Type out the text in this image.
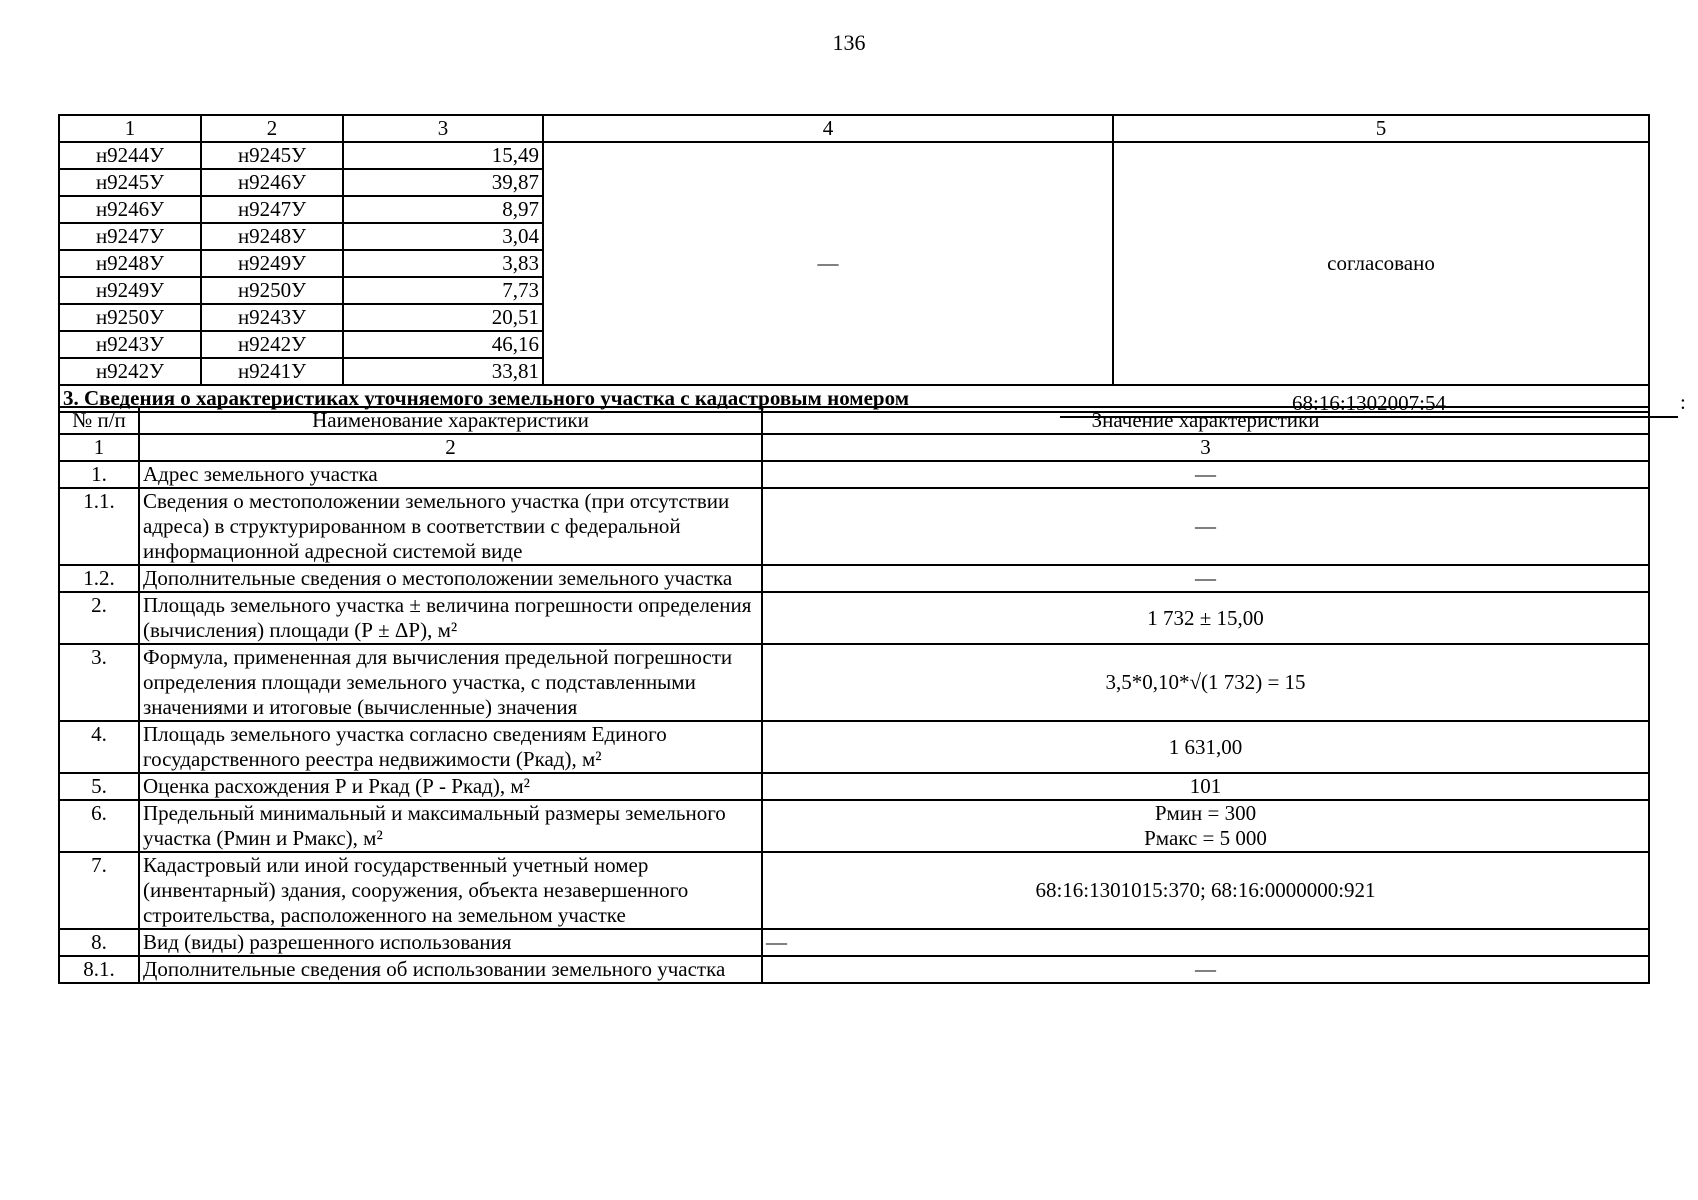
136
1	2	3	4	5
н9244У	н9245У	15,49	—	согласовано
н9245У	н9246У	39,87		
н9246У	н9247У	8,97		
н9247У	н9248У	3,04		
н9248У	н9249У	3,83		
н9249У	н9250У	7,73		
н9250У	н9243У	20,51		
н9243У	н9242У	46,16		
н9242У	н9241У	33,81		
3. Сведения о характеристиках уточняемого земельного участка с кадастровым номером 68:16:1302007:54 :				
№ п/п	Наименование характеристики	Значение характеристики
1	2	3
1.	Адрес земельного участка	—
1.1.	Сведения о местоположении земельного участка (при отсутствии адреса) в структурированном в соответствии с федеральной информационной адресной системой виде	—
1.2.	Дополнительные сведения о местоположении земельного участка	—
2.	Площадь земельного участка ± величина погрешности определения (вычисления) площади (Р ± ΔР), м²	1 732 ± 15,00
3.	Формула, примененная для вычисления предельной погрешности определения площади земельного участка, с подставленными значениями и итоговые (вычисленные) значения	3,5*0,10*√(1 732) = 15
4.	Площадь земельного участка согласно сведениям Единого государственного реестра недвижимости (Ркад), м²	1 631,00
5.	Оценка расхождения Р и Ркад (Р - Ркад), м²	101
6.	Предельный минимальный и максимальный размеры земельного участка (Рмин и Рмакс), м²	Рмин = 300
Рмакс = 5 000

7.	Кадастровый или иной государственный учетный номер (инвентарный) здания, сооружения, объекта незавершенного строительства, расположенного на земельном участке	68:16:1301015:370; 68:16:0000000:921
8.	Вид (виды) разрешенного использования	—
8.1.	Дополнительные сведения об использовании земельного участка	—
